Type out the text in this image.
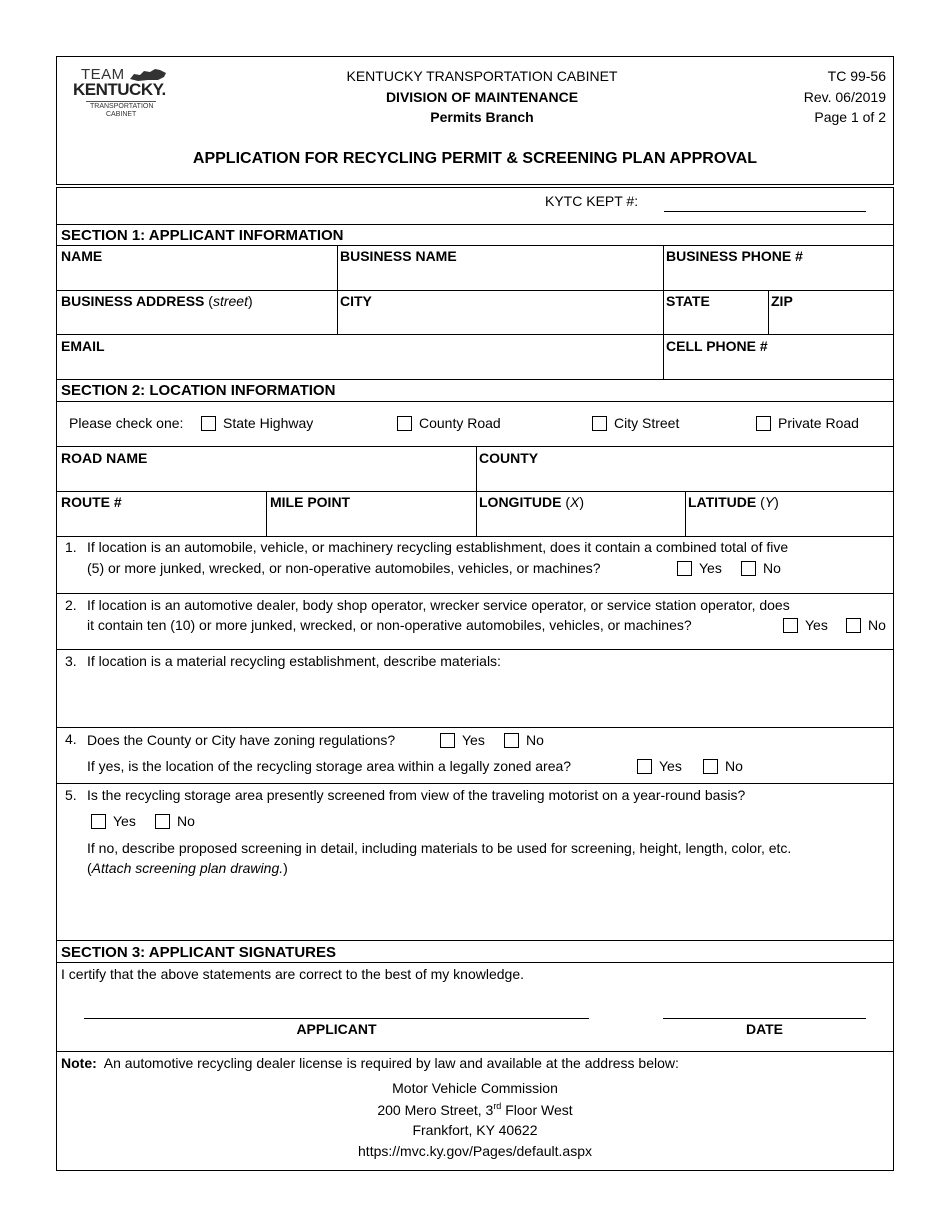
TEAM
KENTUCKY.
TRANSPORTATION
CABINET
KENTUCKY TRANSPORTATION CABINET
DIVISION OF MAINTENANCE
Permits Branch
TC 99-56
Rev. 06/2019
Page 1 of 2
APPLICATION FOR RECYCLING PERMIT & SCREENING PLAN APPROVAL
KYTC KEPT #:
SECTION 1: APPLICANT INFORMATION
NAME	BUSINESS NAME	BUSINESS PHONE #
BUSINESS ADDRESS (street)	CITY	STATE	ZIP
EMAIL	CELL PHONE #
SECTION 2: LOCATION INFORMATION
Please check one:	State Highway	County Road	City Street	Private Road
ROAD NAME	COUNTY
ROUTE #	MILE POINT	LONGITUDE (X)	LATITUDE (Y)
1. If location is an automobile, vehicle, or machinery recycling establishment, does it contain a combined total of five
(5) or more junked, wrecked, or non-operative automobiles, vehicles, or machines?	Yes	No
2. If location is an automotive dealer, body shop operator, wrecker service operator, or service station operator, does
it contain ten (10) or more junked, wrecked, or non-operative automobiles, vehicles, or machines?	Yes	No
3. If location is a material recycling establishment, describe materials:
4. Does the County or City have zoning regulations?	Yes	No
If yes, is the location of the recycling storage area within a legally zoned area?	Yes	No
5. Is the recycling storage area presently screened from view of the traveling motorist on a year-round basis?
Yes	No
If no, describe proposed screening in detail, including materials to be used for screening, height, length, color, etc.
(Attach screening plan drawing.)
SECTION 3: APPLICANT SIGNATURES
I certify that the above statements are correct to the best of my knowledge.
APPLICANT	DATE
Note: An automotive recycling dealer license is required by law and available at the address below:
Motor Vehicle Commission
200 Mero Street, 3rd Floor West
Frankfort, KY 40622
https://mvc.ky.gov/Pages/default.aspx
